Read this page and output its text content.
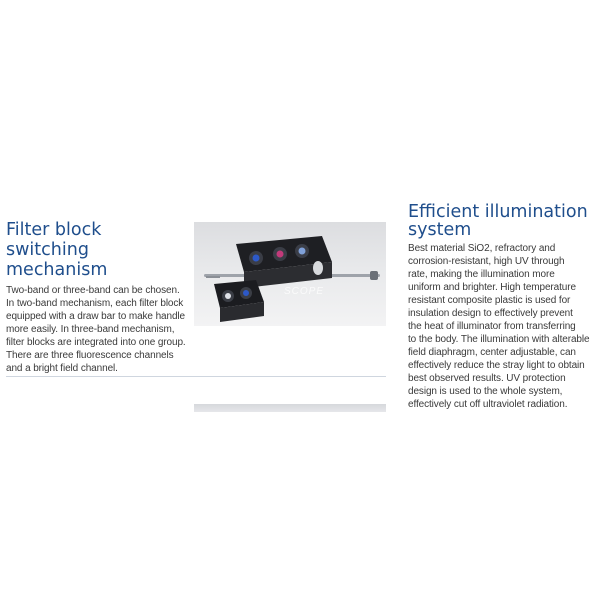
Filter block switching
mechanism

Two-band or three-band can be chosen.
In two-band mechanism, each filter block
equipped with a draw bar to make handle
more easily. In three-band mechanism,
filter blocks are integrated into one group.
There are three fluorescence channels
and a bright field channel.

SCOPE
Efficient illumination
system

Best material SiO2, refractory and
corrosion-resistant, high UV through
rate, making the illumination more
uniform and brighter. High temperature
resistant composite plastic is used for
insulation design to effectively prevent
the heat of illuminator from transferring
to the body. The illumination with alterable
field diaphragm, center adjustable, can
effectively reduce the stray light to obtain
best observed results. UV protection
design is used to the whole system,
effectively cut off ultraviolet radiation.
